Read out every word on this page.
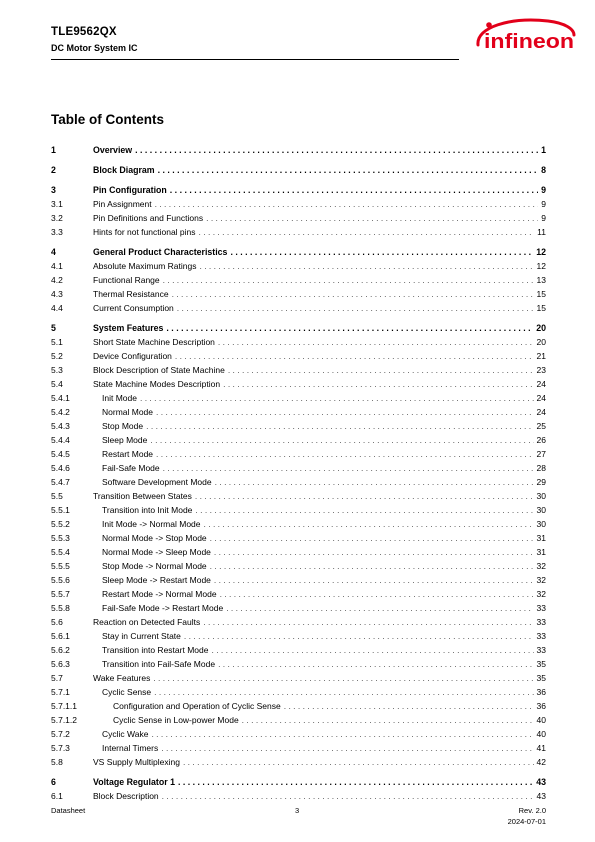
TLE9562QX
DC Motor System IC	infineon
Table of Contents
1	Overview . . .	1
2	Block Diagram . . .	8
3	Pin Configuration . . .	9
3.1	Pin Assignment . . .	9
3.2	Pin Definitions and Functions . . .	9
3.3	Hints for not functional pins . . .	11
4	General Product Characteristics . . .	12
4.1	Absolute Maximum Ratings . . .	12
4.2	Functional Range . . .	13
4.3	Thermal Resistance . . .	15
4.4	Current Consumption . . .	15
5	System Features . . .	20
5.1	Short State Machine Description . . .	20
5.2	Device Configuration . . .	21
5.3	Block Description of State Machine . . .	23
5.4	State Machine Modes Description . . .	24
5.4.1	Init Mode . . .	24
5.4.2	Normal Mode . . .	24
5.4.3	Stop Mode . . .	25
5.4.4	Sleep Mode . . .	26
5.4.5	Restart Mode . . .	27
5.4.6	Fail-Safe Mode . . .	28
5.4.7	Software Development Mode . . .	29
5.5	Transition Between States . . .	30
5.5.1	Transition into Init Mode . . .	30
5.5.2	Init Mode -> Normal Mode . . .	30
5.5.3	Normal Mode -> Stop Mode . . .	31
5.5.4	Normal Mode -> Sleep Mode . . .	31
5.5.5	Stop Mode -> Normal Mode . . .	32
5.5.6	Sleep Mode -> Restart Mode . . .	32
5.5.7	Restart Mode -> Normal Mode . . .	32
5.5.8	Fail-Safe Mode -> Restart Mode . . .	33
5.6	Reaction on Detected Faults . . .	33
5.6.1	Stay in Current State . . .	33
5.6.2	Transition into Restart Mode . . .	33
5.6.3	Transition into Fail-Safe Mode . . .	35
5.7	Wake Features . . .	35
5.7.1	Cyclic Sense . . .	36
5.7.1.1	Configuration and Operation of Cyclic Sense . . .	36
5.7.1.2	Cyclic Sense in Low-power Mode . . .	40
5.7.2	Cyclic Wake . . .	40
5.7.3	Internal Timers . . .	41
5.8	VS Supply Multiplexing . . .	42
6	Voltage Regulator 1 . . .	43
6.1	Block Description . . .	43
Datasheet	3	Rev. 2.0
2024-07-01
